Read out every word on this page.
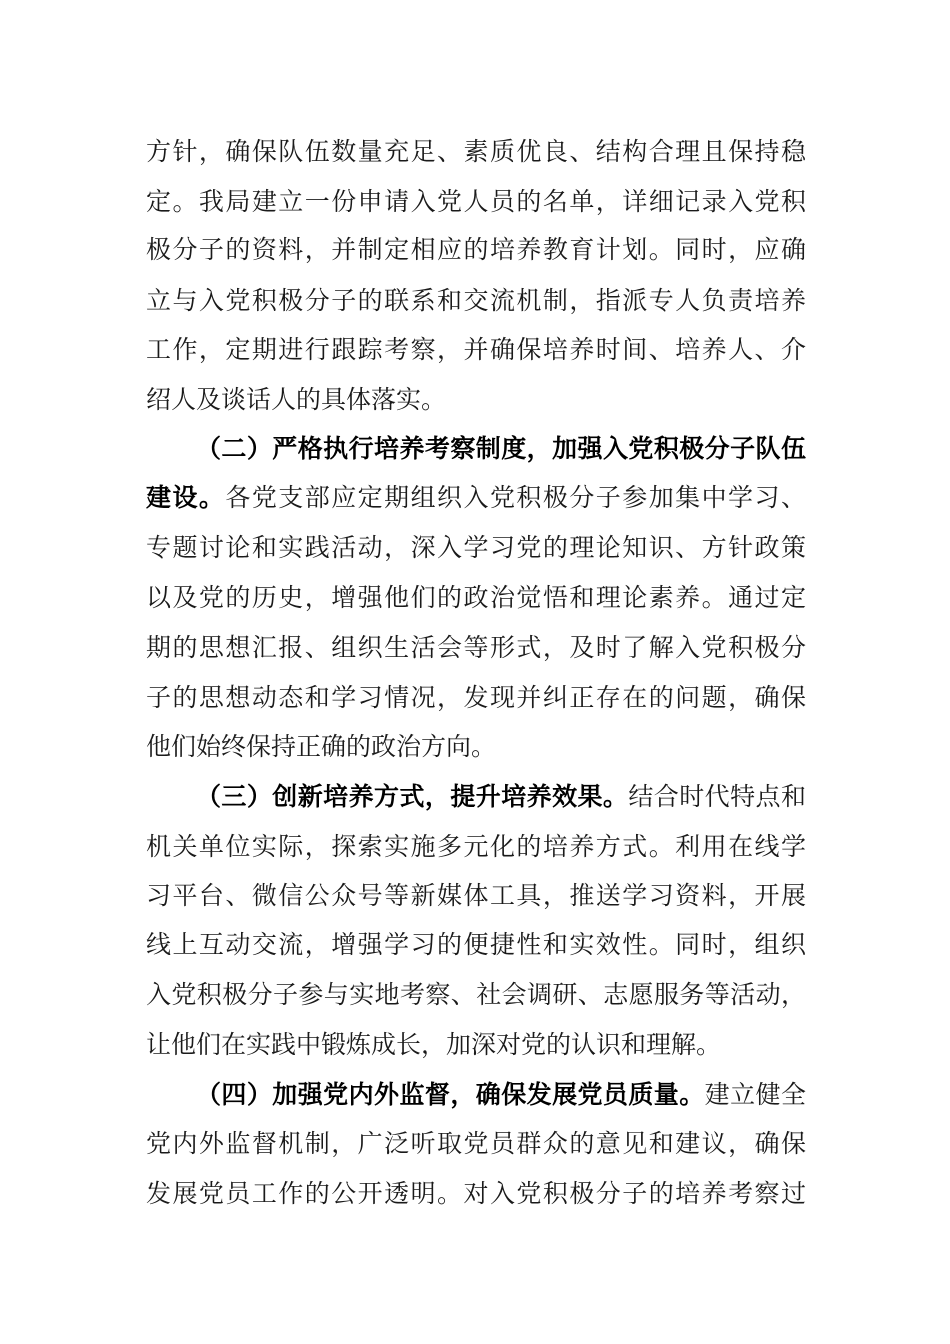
方针，确保队伍数量充足、素质优良、结构合理且保持稳
定。我局建立一份申请入党人员的名单，详细记录入党积
极分子的资料，并制定相应的培养教育计划。同时，应确
立与入党积极分子的联系和交流机制，指派专人负责培养
工作，定期进行跟踪考察，并确保培养时间、培养人、介
绍人及谈话人的具体落实。
（二）严格执行培养考察制度，加强入党积极分子队伍
建设。各党支部应定期组织入党积极分子参加集中学习、
专题讨论和实践活动，深入学习党的理论知识、方针政策
以及党的历史，增强他们的政治觉悟和理论素养。通过定
期的思想汇报、组织生活会等形式，及时了解入党积极分
子的思想动态和学习情况，发现并纠正存在的问题，确保
他们始终保持正确的政治方向。
（三）创新培养方式，提升培养效果。结合时代特点和
机关单位实际，探索实施多元化的培养方式。利用在线学
习平台、微信公众号等新媒体工具，推送学习资料，开展
线上互动交流，增强学习的便捷性和实效性。同时，组织
入党积极分子参与实地考察、社会调研、志愿服务等活动，
让他们在实践中锻炼成长，加深对党的认识和理解。
（四）加强党内外监督，确保发展党员质量。建立健全
党内外监督机制，广泛听取党员群众的意见和建议，确保
发展党员工作的公开透明。对入党积极分子的培养考察过
